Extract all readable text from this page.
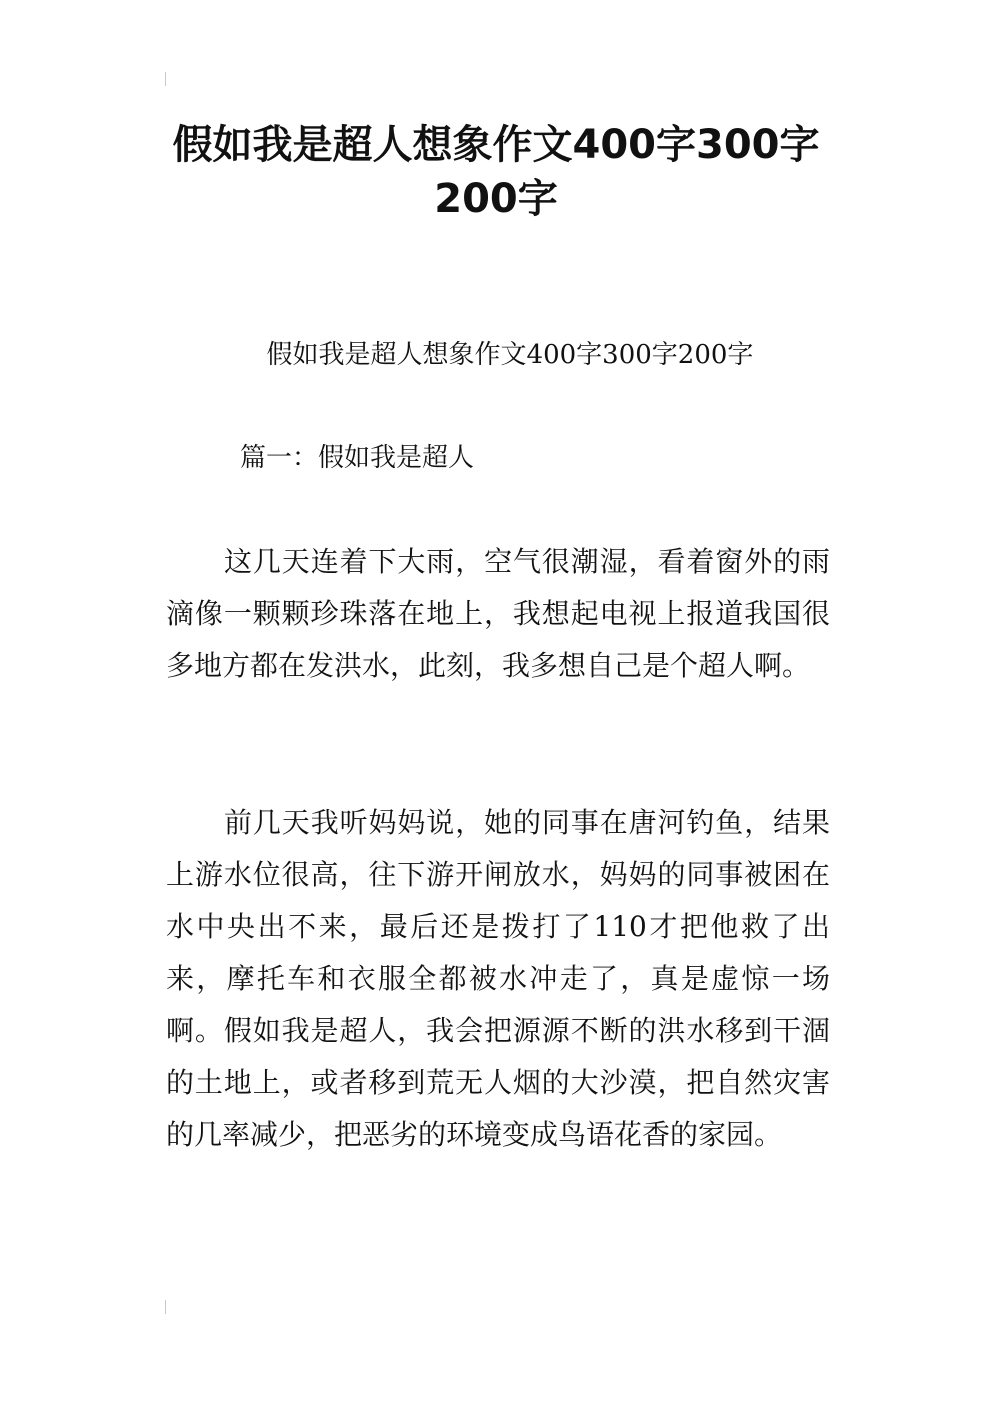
假如我是超人想象作文400字300字200字

假如我是超人想象作文400字300字200字

篇一：假如我是超人

这几天连着下大雨，空气很潮湿，看着窗外的雨滴像一颗颗珍珠落在地上，我想起电视上报道我国很多地方都在发洪水，此刻，我多想自己是个超人啊。

前几天我听妈妈说，她的同事在唐河钓鱼，结果上游水位很高，往下游开闸放水，妈妈的同事被困在水中央出不来，最后还是拨打了110才把他救了出来，摩托车和衣服全都被水冲走了，真是虚惊一场啊。假如我是超人，我会把源源不断的洪水移到干涸的土地上，或者移到荒无人烟的大沙漠，把自然灾害的几率减少，把恶劣的环境变成鸟语花香的家园。
